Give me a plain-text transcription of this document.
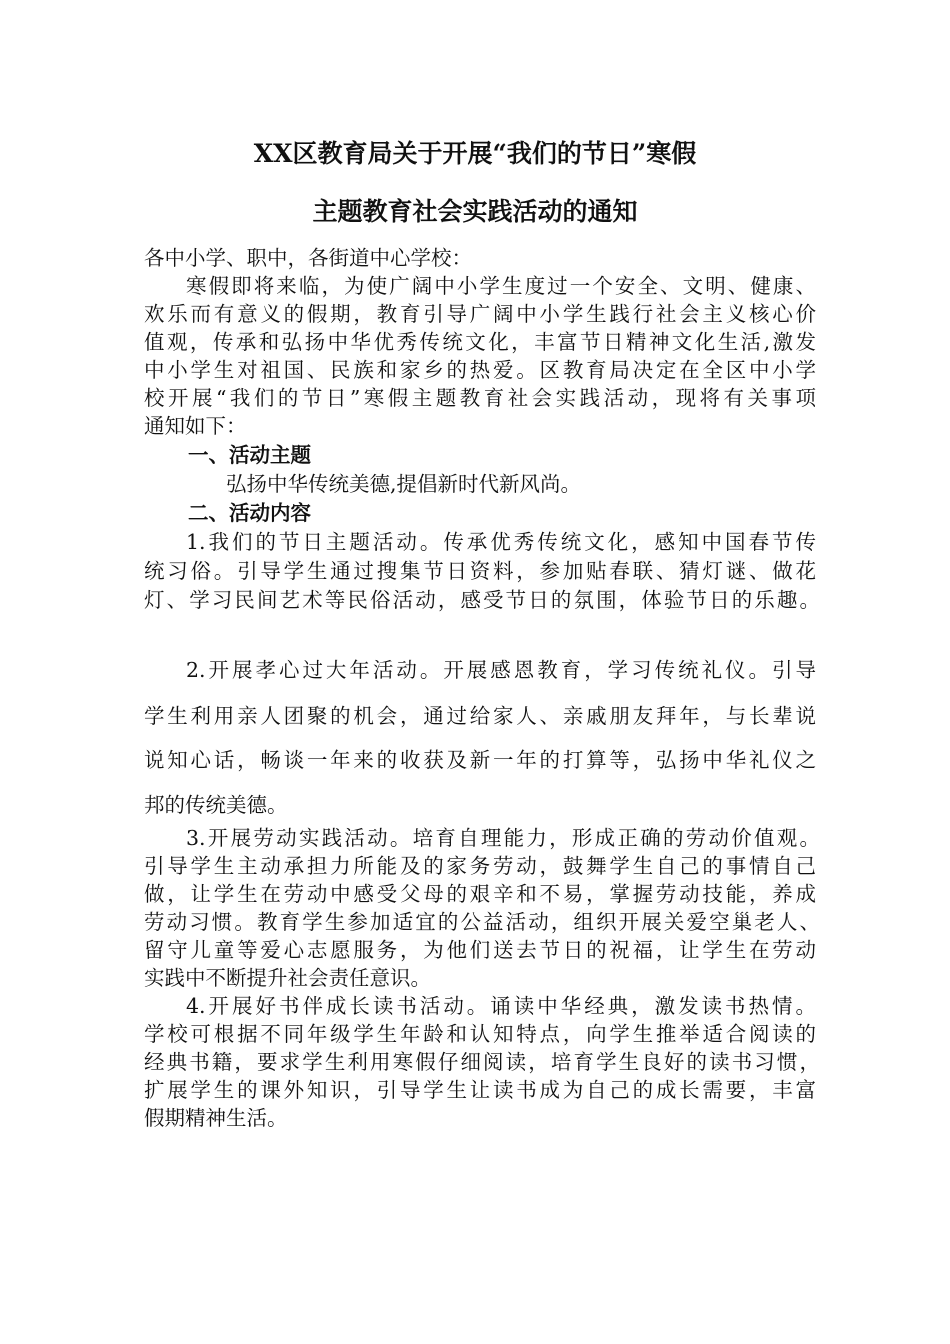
XX区教育局关于开展“我们的节日”寒假
主题教育社会实践活动的通知
各中小学、职中，各街道中心学校：
寒假即将来临，为使广阔中小学生度过一个安全、文明、健康、
欢乐而有意义的假期，教育引导广阔中小学生践行社会主义核心价
值观，传承和弘扬中华优秀传统文化，丰富节日精神文化生活,激发
中小学生对祖国、民族和家乡的热爱。区教育局决定在全区中小学
校开展“我们的节日”寒假主题教育社会实践活动，现将有关事项
通知如下：
一、活动主题
弘扬中华传统美德,提倡新时代新风尚。
二、活动内容
1.我们的节日主题活动。传承优秀传统文化，感知中国春节传
统习俗。引导学生通过搜集节日资料，参加贴春联、猜灯谜、做花
灯、学习民间艺术等民俗活动，感受节日的氛围，体验节日的乐趣。
2.开展孝心过大年活动。开展感恩教育，学习传统礼仪。引导
学生利用亲人团聚的机会，通过给家人、亲戚朋友拜年，与长辈说
说知心话，畅谈一年来的收获及新一年的打算等，弘扬中华礼仪之
邦的传统美德。
3.开展劳动实践活动。培育自理能力，形成正确的劳动价值观。
引导学生主动承担力所能及的家务劳动，鼓舞学生自己的事情自己
做，让学生在劳动中感受父母的艰辛和不易，掌握劳动技能，养成
劳动习惯。教育学生参加适宜的公益活动，组织开展关爱空巢老人、
留守儿童等爱心志愿服务，为他们送去节日的祝福，让学生在劳动
实践中不断提升社会责任意识。
4.开展好书伴成长读书活动。诵读中华经典，激发读书热情。
学校可根据不同年级学生年龄和认知特点，向学生推举适合阅读的
经典书籍，要求学生利用寒假仔细阅读，培育学生良好的读书习惯，
扩展学生的课外知识，引导学生让读书成为自己的成长需要，丰富
假期精神生活。
